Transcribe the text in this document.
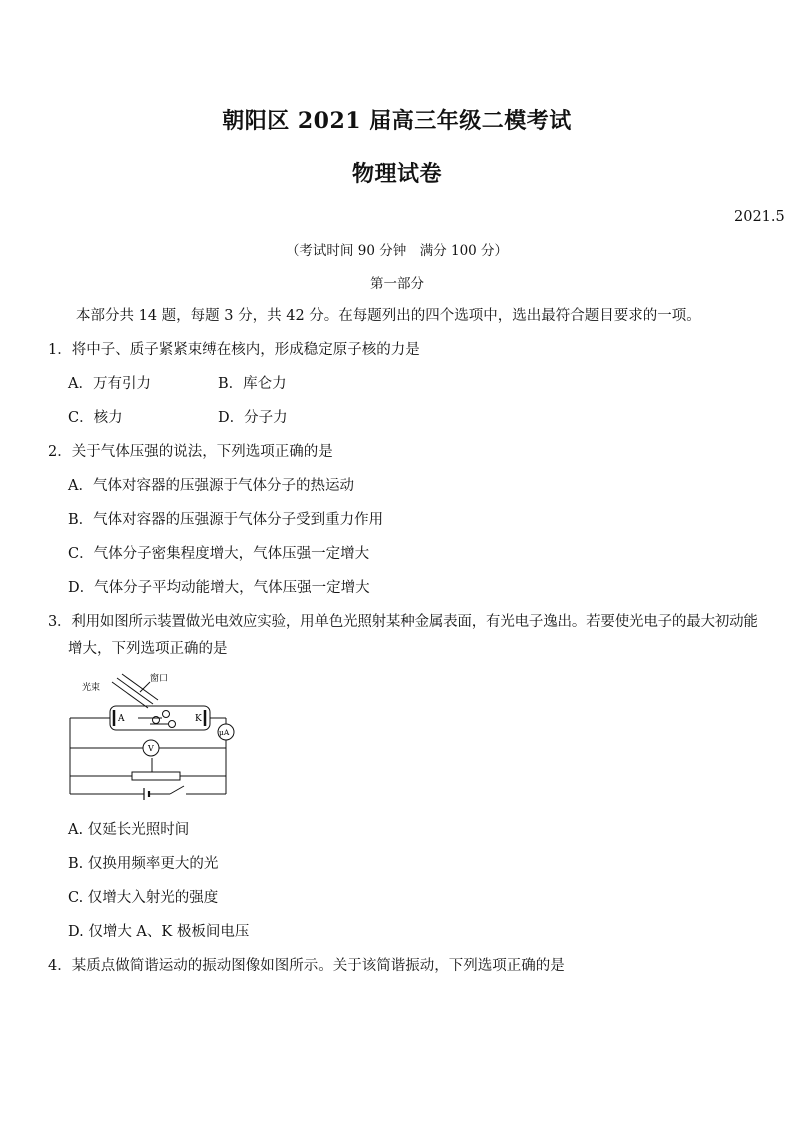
朝阳区 2021 届高三年级二模考试
物理试卷
2021.5
（考试时间 90 分钟　满分 100 分）
第一部分
本部分共 14 题，每题 3 分，共 42 分。在每题列出的四个选项中，选出最符合题目要求的一项。
1．将中子、质子紧紧束缚在核内，形成稳定原子核的力是
A．万有引力	B．库仑力
C．核力	D．分子力
2．关于气体压强的说法，下列选项正确的是
A．气体对容器的压强源于气体分子的热运动
B．气体对容器的压强源于气体分子受到重力作用
C．气体分子密集程度增大，气体压强一定增大
D．气体分子平均动能增大，气体压强一定增大
3．利用如图所示装置做光电效应实验，用单色光照射某种金属表面，有光电子逸出。若要使光电子的最大初动能
增大，下列选项正确的是
光束
窗口
A	K
μA
V
A. 仅延长光照时间
B. 仅换用频率更大的光
C. 仅增大入射光的强度
D. 仅增大 A、K 极板间电压
4．某质点做简谐运动的振动图像如图所示。关于该简谐振动，下列选项正确的是
